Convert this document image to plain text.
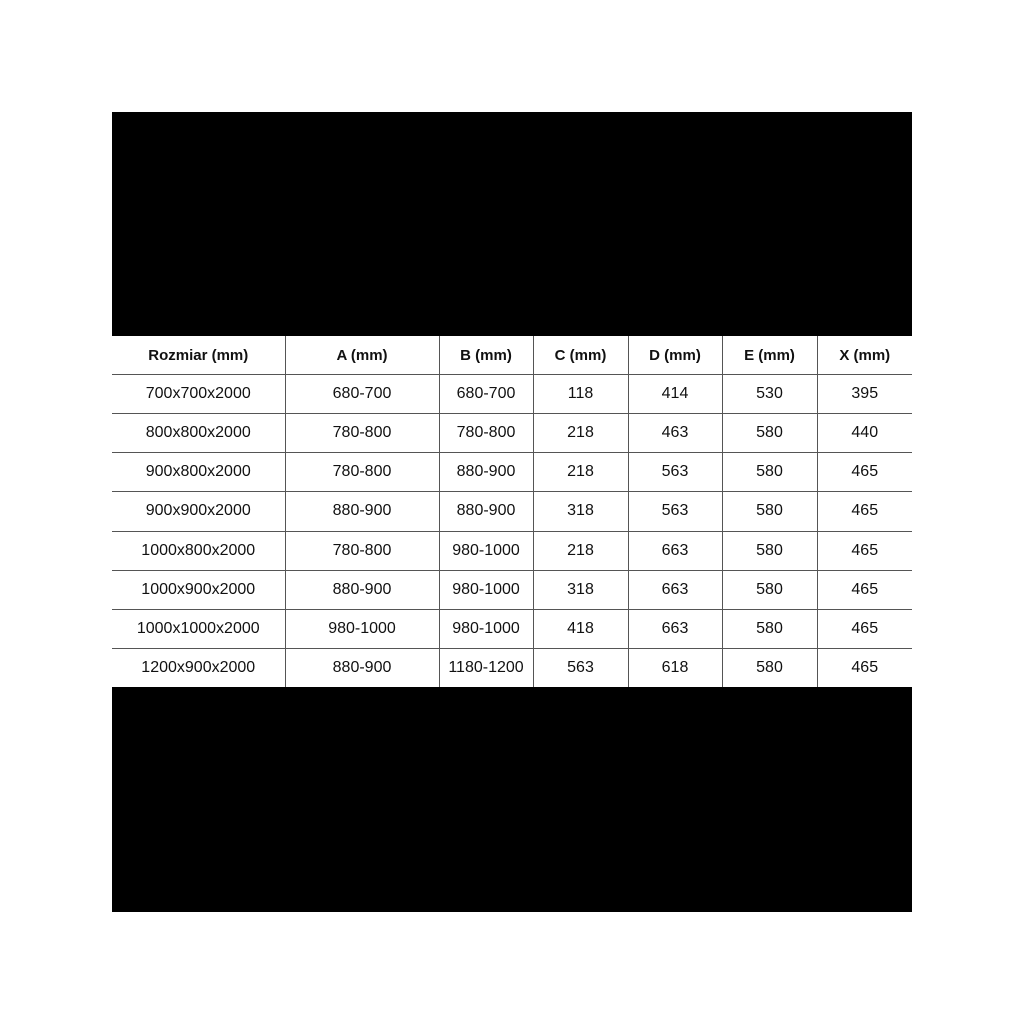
Rozmiar (mm)	A (mm)	B (mm)	C (mm)	D (mm)	E (mm)	X (mm)
700x700x2000	680-700	680-700	118	414	530	395
800x800x2000	780-800	780-800	218	463	580	440
900x800x2000	780-800	880-900	218	563	580	465
900x900x2000	880-900	880-900	318	563	580	465
1000x800x2000	780-800	980-1000	218	663	580	465
1000x900x2000	880-900	980-1000	318	663	580	465
1000x1000x2000	980-1000	980-1000	418	663	580	465
1200x900x2000	880-900	1180-1200	563	618	580	465
